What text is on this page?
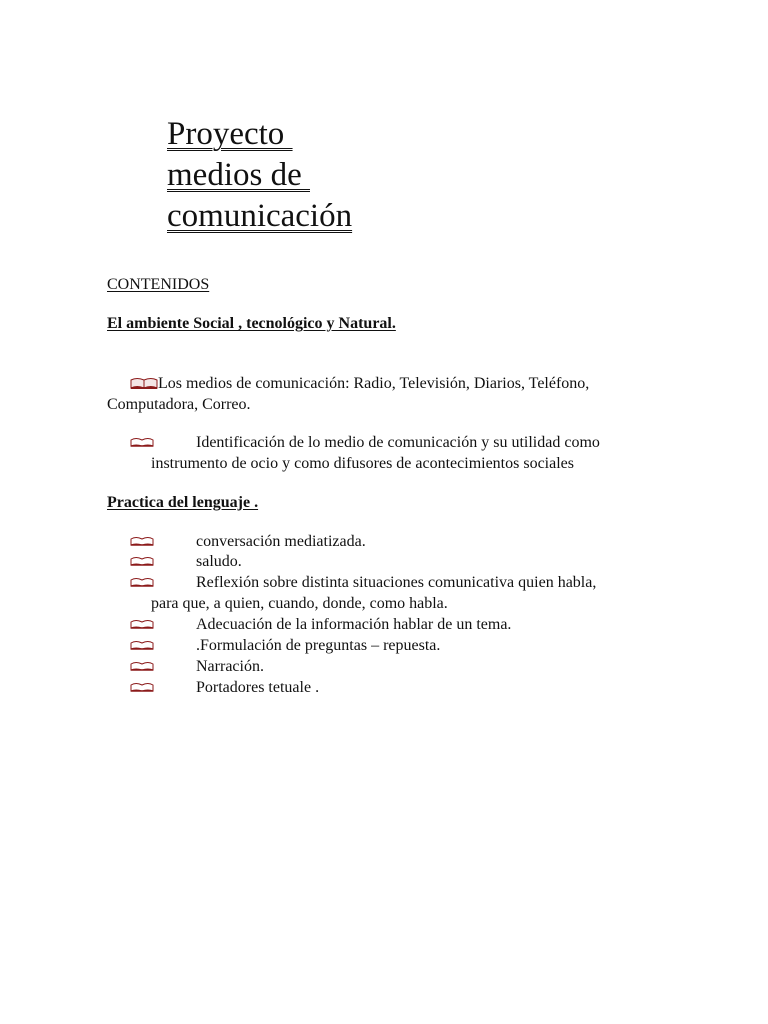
Proyecto
medios de
comunicación

CONTENIDOS

El ambiente Social , tecnológico y Natural.

Los medios de comunicación: Radio, Televisión, Diarios, Teléfono,

Computadora, Correo.

Identificación de lo medio de comunicación y su utilidad como

instrumento de ocio y como difusores de acontecimientos sociales

Practica del lenguaje .

conversación mediatizada.
saludo.
Reflexión sobre distinta situaciones comunicativa quien habla,

para que, a quien, cuando, donde, como habla.

Adecuación de la información hablar de un tema.
.Formulación de preguntas – repuesta.
Narración.
Portadores tetuale .
